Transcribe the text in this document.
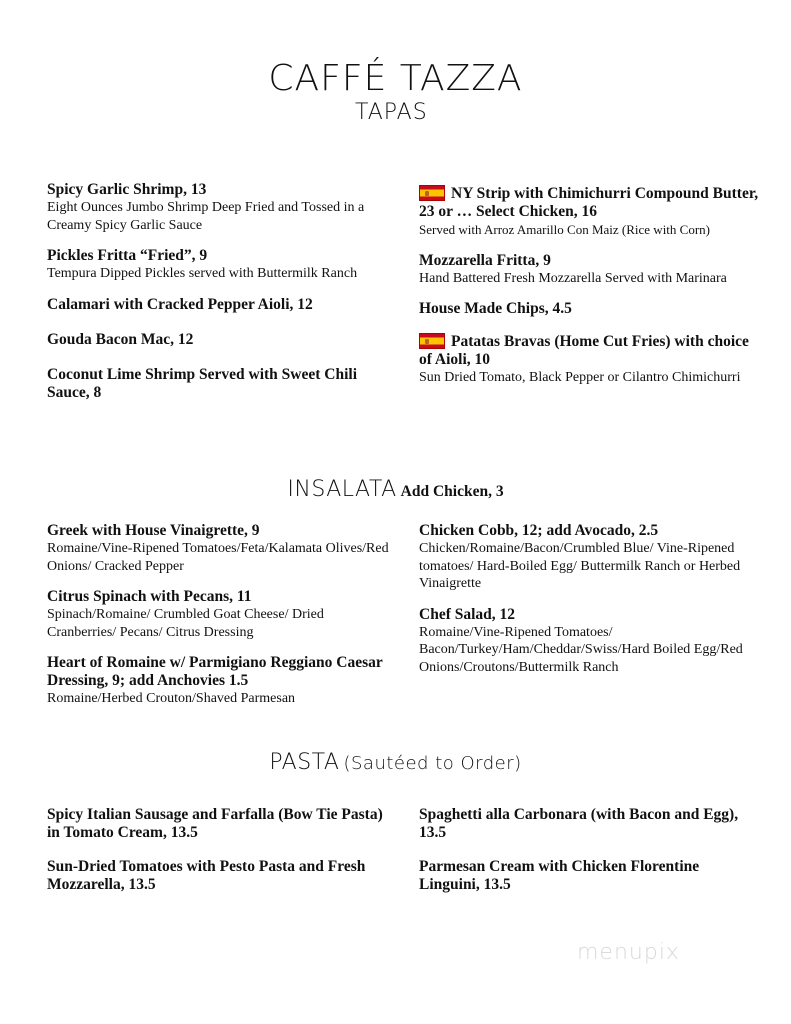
CAFFÉ TAZZA
TAPAS
Spicy Garlic Shrimp, 13
Eight Ounces Jumbo Shrimp Deep Fried and Tossed in a Creamy Spicy Garlic Sauce
Pickles Fritta “Fried”, 9
Tempura Dipped Pickles served with Buttermilk Ranch
Calamari with Cracked Pepper Aioli, 12
Gouda Bacon Mac, 12
Coconut Lime Shrimp Served with Sweet Chili Sauce, 8
NY Strip with Chimichurri Compound Butter, 23 or … Select Chicken, 16
Served with Arroz Amarillo Con Maiz (Rice with Corn)
Mozzarella Fritta, 9
Hand Battered Fresh Mozzarella Served with Marinara
House Made Chips, 4.5
Patatas Bravas (Home Cut Fries) with choice of Aioli, 10
Sun Dried Tomato, Black Pepper or Cilantro Chimichurri
INSALATA Add Chicken, 3
Greek with House Vinaigrette, 9
Romaine/Vine-Ripened Tomatoes/Feta/Kalamata Olives/Red Onions/ Cracked Pepper
Citrus Spinach with Pecans, 11
Spinach/Romaine/ Crumbled Goat Cheese/ Dried Cranberries/ Pecans/ Citrus Dressing
Heart of Romaine w/ Parmigiano Reggiano Caesar Dressing, 9; add Anchovies 1.5
Romaine/Herbed Crouton/Shaved Parmesan
Chicken Cobb, 12; add Avocado, 2.5
Chicken/Romaine/Bacon/Crumbled Blue/ Vine-Ripened tomatoes/ Hard-Boiled Egg/ Buttermilk Ranch or Herbed Vinaigrette
Chef Salad, 12
Romaine/Vine-Ripened Tomatoes/ Bacon/Turkey/Ham/Cheddar/Swiss/Hard Boiled Egg/Red Onions/Croutons/Buttermilk Ranch
PASTA (Sautéed to Order)
Spicy Italian Sausage and Farfalla (Bow Tie Pasta) in Tomato Cream, 13.5
Sun-Dried Tomatoes with Pesto Pasta and Fresh Mozzarella, 13.5
Spaghetti alla Carbonara (with Bacon and Egg), 13.5
Parmesan Cream with Chicken Florentine Linguini, 13.5
menupix
